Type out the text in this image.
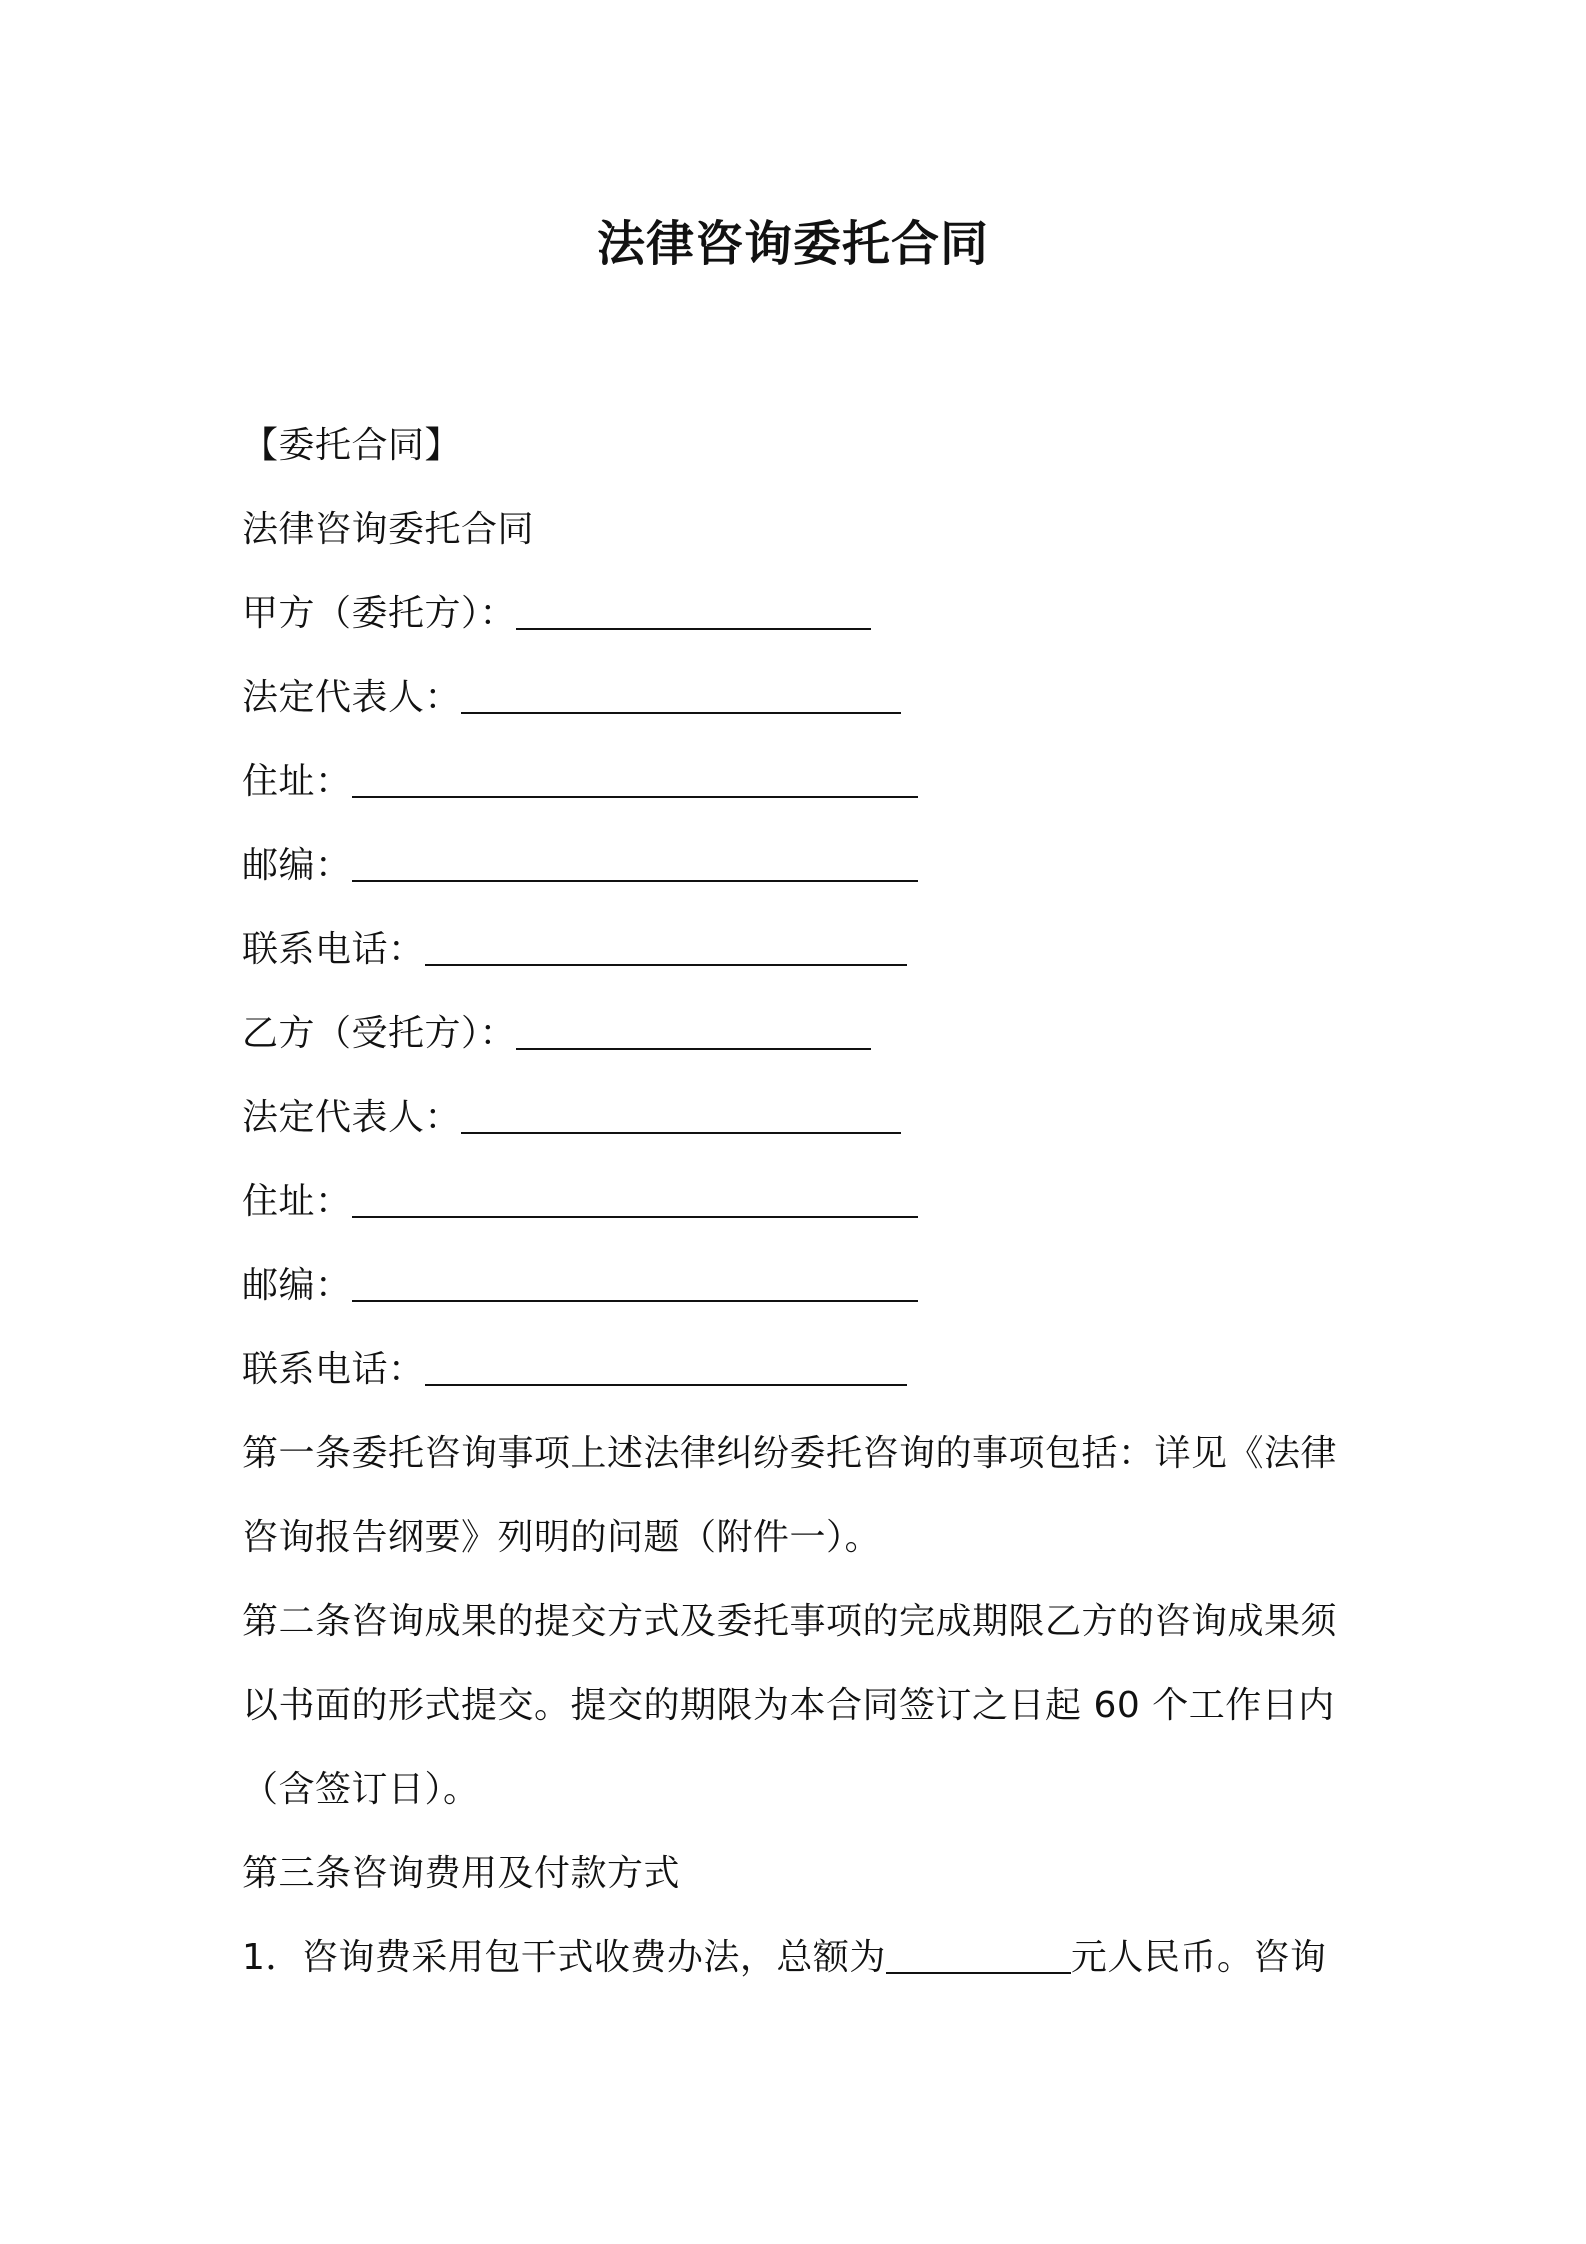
法律咨询委托合同
【委托合同】
法律咨询委托合同
甲方（委托方）：
法定代表人：
住址：
邮编：
联系电话：
乙方（受托方）：
法定代表人：
住址：
邮编：
联系电话：
第一条委托咨询事项上述法律纠纷委托咨询的事项包括：详见《法律咨询报告纲要》列明的问题（附件一）。
第二条咨询成果的提交方式及委托事项的完成期限乙方的咨询成果须以书面的形式提交。提交的期限为本合同签订之日起 60 个工作日内（含签订日）。
第三条咨询费用及付款方式
1．咨询费采用包干式收费办法，总额为	元人民币。咨询
